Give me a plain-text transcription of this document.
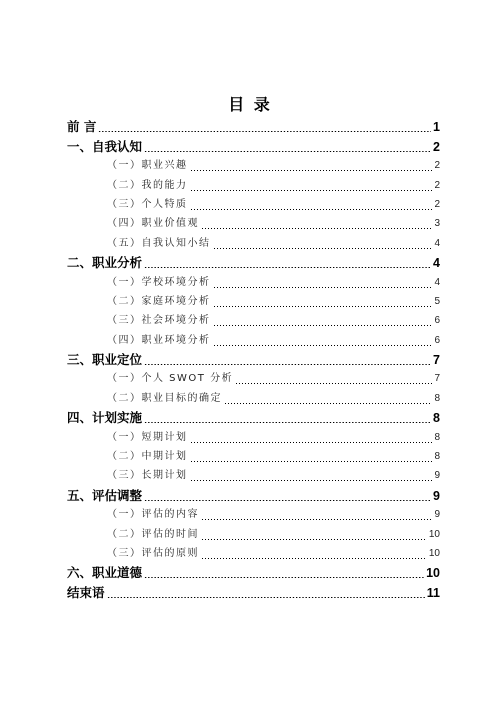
目 录
前 言	1
一、自我认知	2
（一）职业兴趣	2
（二）我的能力	2
（三）个人特质	2
（四）职业价值观	3
（五）自我认知小结	4
二、职业分析	4
（一）学校环境分析	4
（二）家庭环境分析	5
（三）社会环境分析	6
（四）职业环境分析	6
三、职业定位	7
（一）个人 SWOT 分析	7
（二）职业目标的确定	8
四、计划实施	8
（一）短期计划	8
（二）中期计划	8
（三）长期计划	9
五、评估调整	9
（一）评估的内容	9
（二）评估的时间	10
（三）评估的原则	10
六、职业道德	10
结束语	11
